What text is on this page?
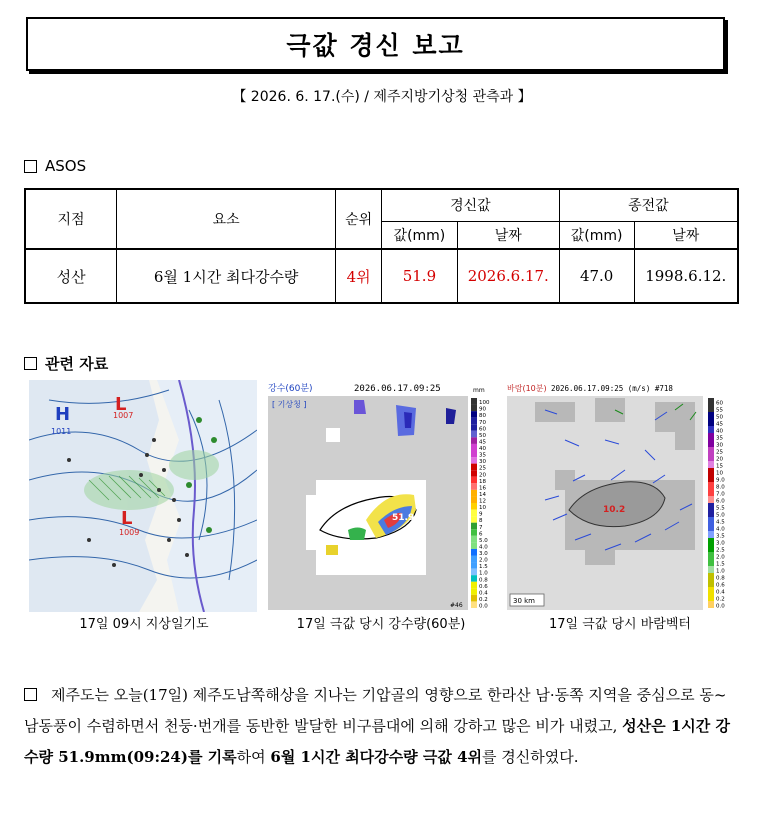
극값 경신 보고
【 2026. 6. 17.(수) / 제주지방기상청 관측과 】
ASOS
지점	요소	순위	경신값		종전값	
			값(mm)	날짜	값(mm)	날짜
성산	6월 1시간 최다강수량	4위	51.9	2026.6.17.	47.0	1998.6.12.
관련 자료
H
1011
L
1007
L
1009
강수(60분)	2026.06.17.09:25	mm
[ 기상청 ]
51.9
#46
100
90
80
70
60
50
45
40
35
30
25
20
18
16
14
12
10
9
8
7
6
5.0
4.0
3.0
2.0
1.5
1.0
0.8
0.6
0.4
0.2
0.0
바람(10분) 2026.06.17.09:25 (m/s) #718
10.2
30 km
60
55
50
45
40
35
30
25
20
15
10
9.0
8.0
7.0
6.0
5.5
5.0
4.5
4.0
3.5
3.0
2.5
2.0
1.5
1.0
0.8
0.6
0.4
0.2
0.0
17일 09시 지상일기도	17일 극값 당시 강수량(60분)	17일 극값 당시 바람벡터
제주도는 오늘(17일) 제주도남쪽해상을 지나는 기압골의 영향으로 한라산 남·동쪽 지역을 중심으로 동~남동풍이 수렴하면서 천둥·번개를 동반한 발달한 비구름대에 의해 강하고 많은 비가 내렸고, 성산은 1시간 강수량 51.9mm(09:24)를 기록하여 6월 1시간 최다강수량 극값 4위를 경신하였다.
